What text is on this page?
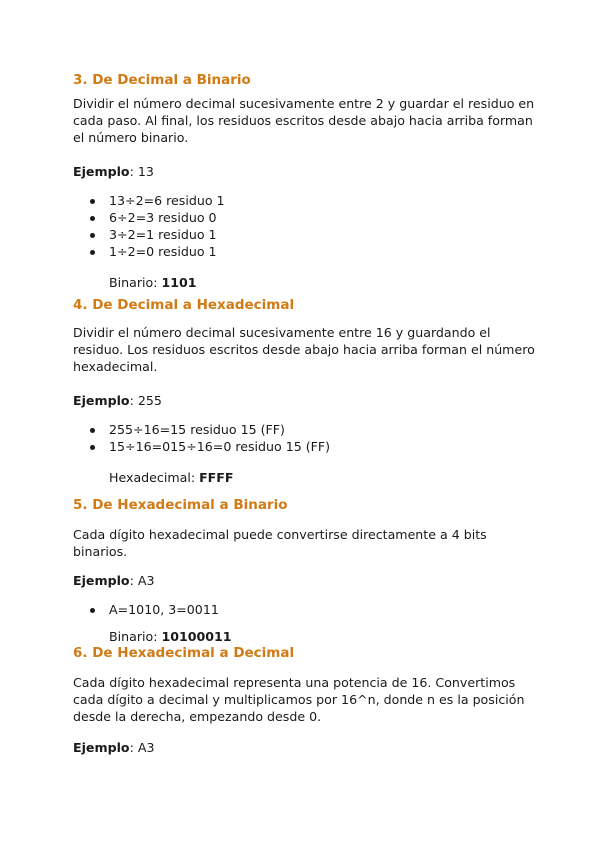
3. De Decimal a Binario

Dividir el número decimal sucesivamente entre 2 y guardar el residuo en cada paso. Al final, los residuos escritos desde abajo hacia arriba forman el número binario.

Ejemplo: 13
13÷2=6 residuo 1
6÷2=3 residuo 0
3÷2=1 residuo 1
1÷2=0 residuo 1
Binario: 1101
4. De Decimal a Hexadecimal

Dividir el número decimal sucesivamente entre 16 y guardando el residuo. Los residuos escritos desde abajo hacia arriba forman el número hexadecimal.

Ejemplo: 255
255÷16=15 residuo 15 (FF)
15÷16=015÷16=0 residuo 15 (FF)
Hexadecimal: FFFF
5. De Hexadecimal a Binario

Cada dígito hexadecimal puede convertirse directamente a 4 bits binarios.

Ejemplo: A3
A=1010, 3=0011
Binario: 10100011
6. De Hexadecimal a Decimal

Cada dígito hexadecimal representa una potencia de 16. Convertimos cada dígito a decimal y multiplicamos por 16^n, donde n es la posición desde la derecha, empezando desde 0.

Ejemplo: A3
